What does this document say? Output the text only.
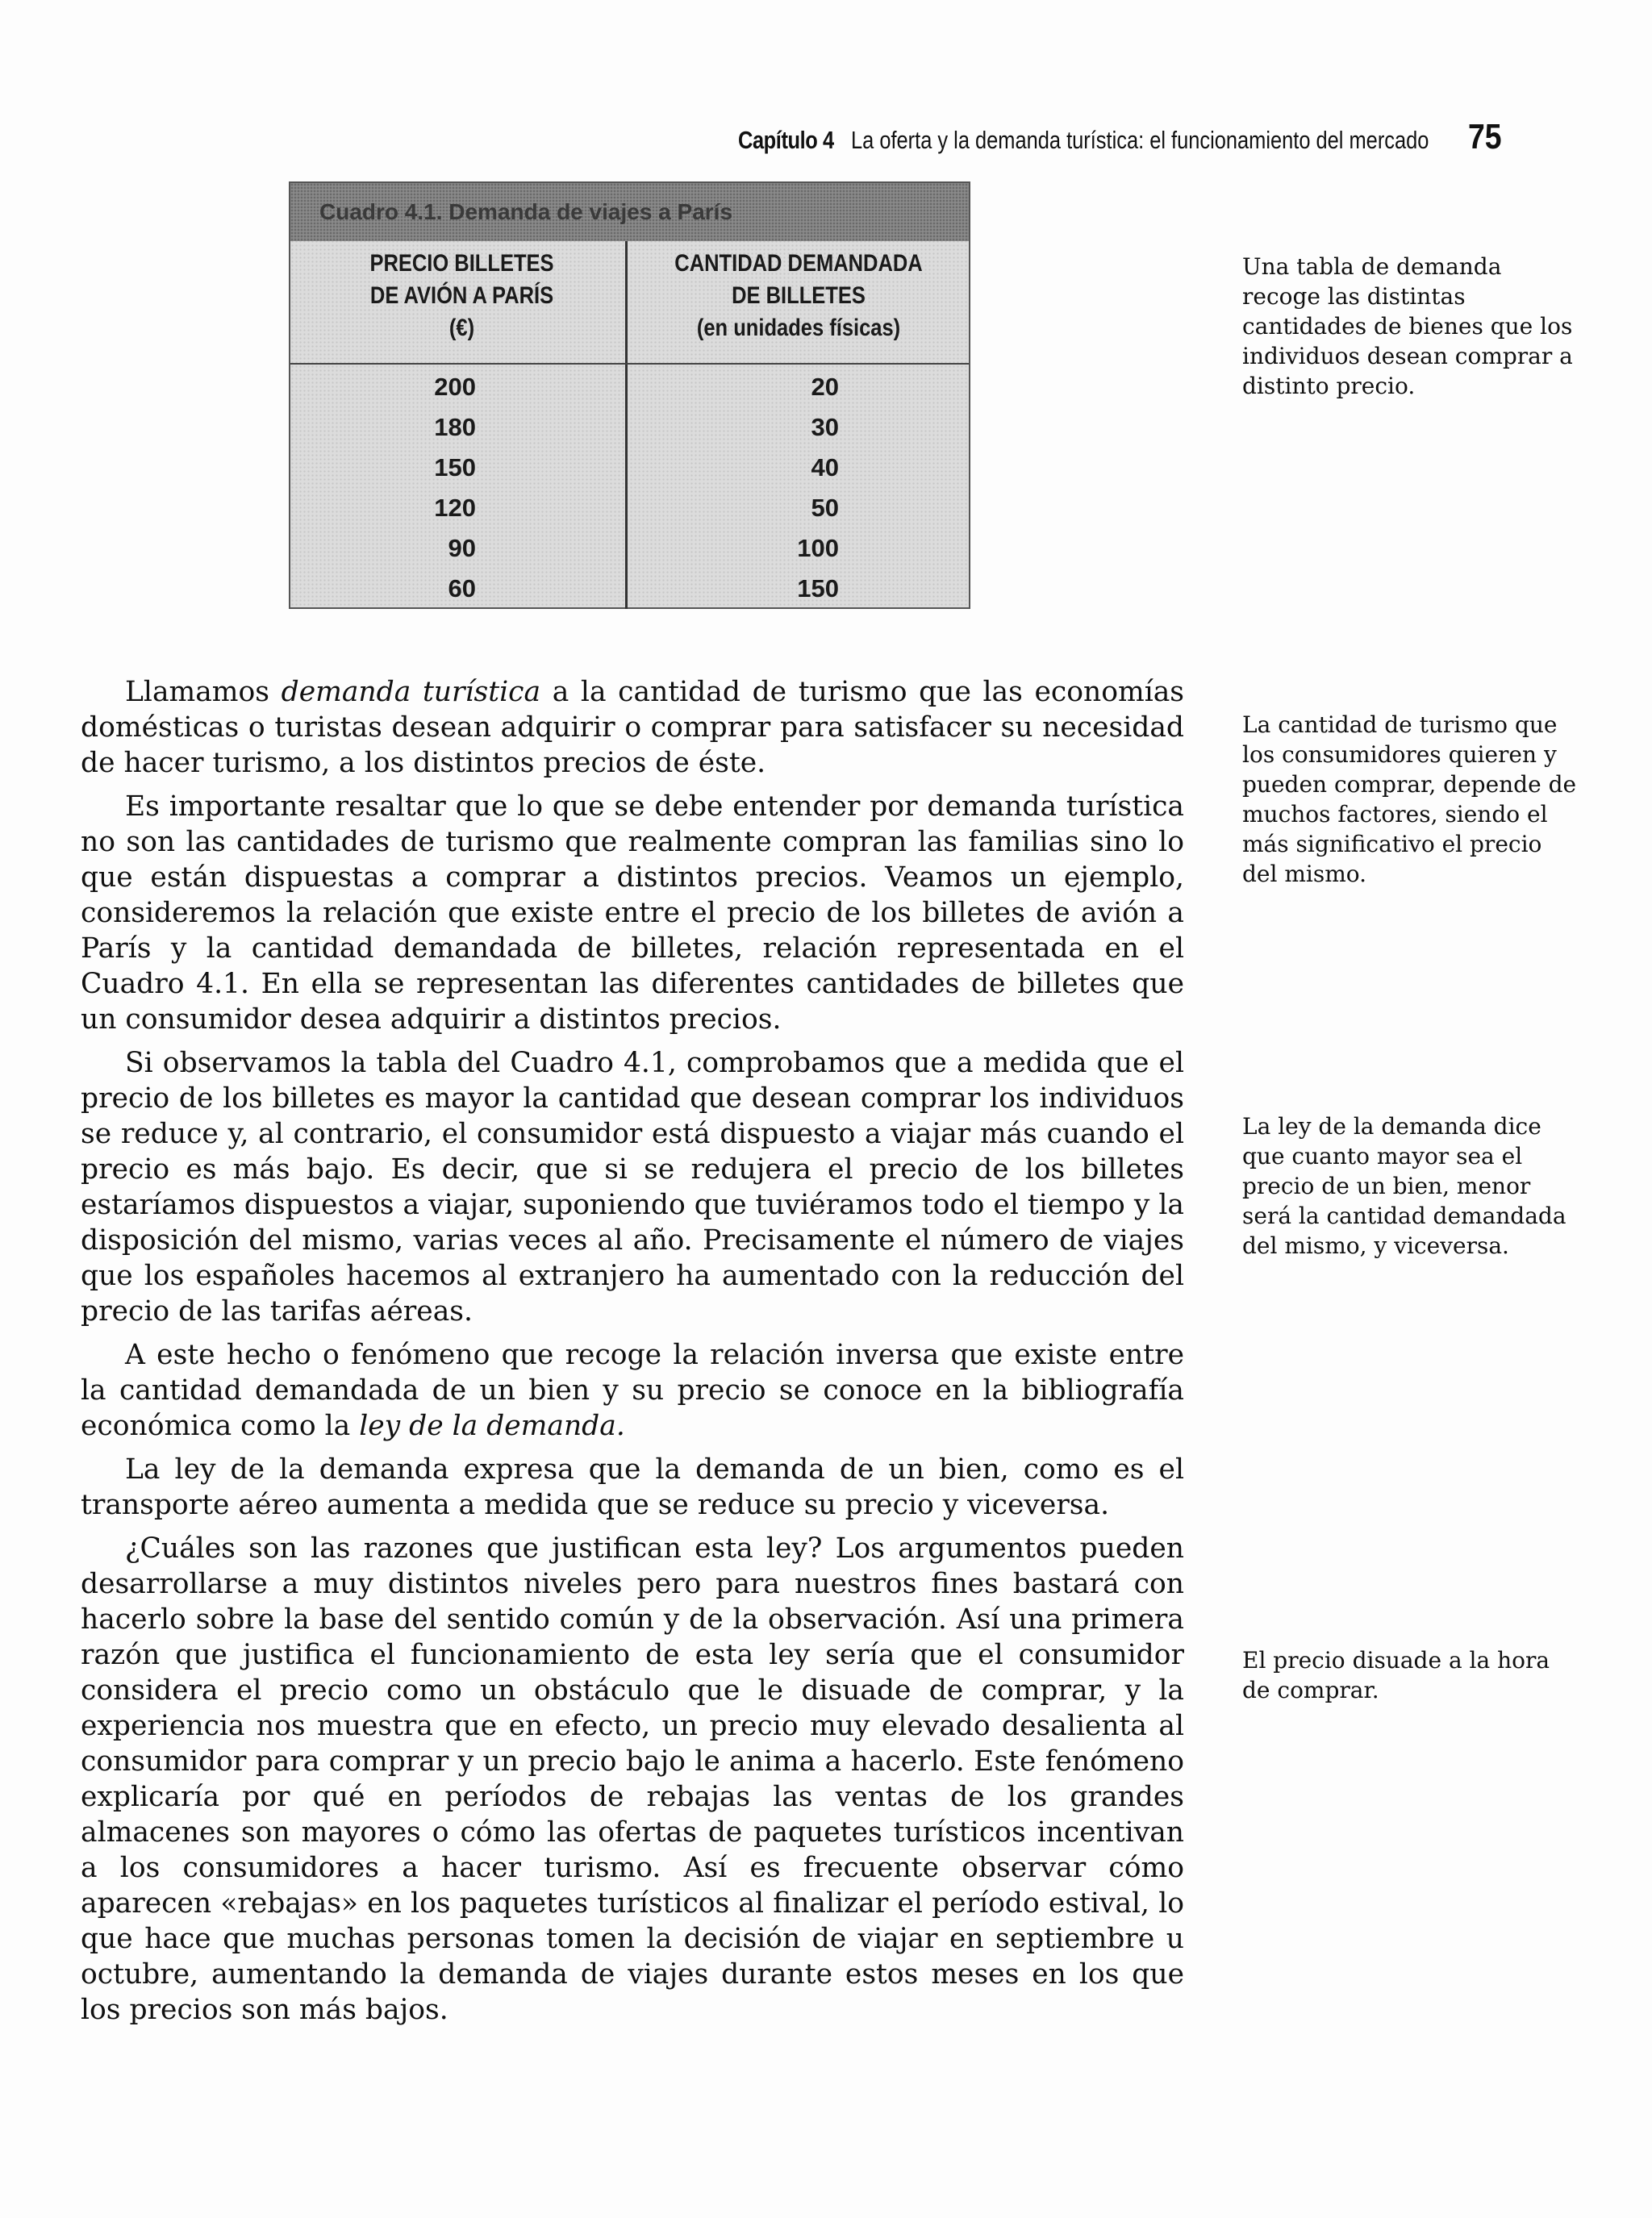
Capítulo 4 La oferta y la demanda turística: el funcionamiento del mercado 75
Cuadro 4.1. Demanda de viajes a París
PRECIO BILLETES
DE AVIÓN A PARÍS
(€)
CANTIDAD DEMANDADA
DE BILLETES
(en unidades físicas)
200
180
150
120
90
60
20
30
40
50
100
150
Una tabla de demanda recoge las distintas cantidades de bienes que los individuos desean comprar a distinto precio.
La cantidad de turismo que los consumidores quieren y pueden comprar, depende de muchos factores, siendo el más significativo el precio del mismo.
La ley de la demanda dice que cuanto mayor sea el precio de un bien, menor será la cantidad demandada del mismo, y viceversa.
El precio disuade a la hora de comprar.

Llamamos demanda turística a la cantidad de turismo que las economías domésticas o turistas desean adquirir o comprar para satisfacer su necesidad de hacer turismo, a los distintos precios de éste.

Es importante resaltar que lo que se debe entender por demanda turística no son las cantidades de turismo que realmente compran las familias sino lo que están dispuestas a comprar a distintos precios. Veamos un ejemplo, consideremos la relación que existe entre el precio de los billetes de avión a París y la cantidad demandada de billetes, relación representada en el Cuadro 4.1. En ella se representan las diferentes cantidades de billetes que un consumidor desea adquirir a distintos precios.

Si observamos la tabla del Cuadro 4.1, comprobamos que a medida que el precio de los billetes es mayor la cantidad que desean comprar los individuos se reduce y, al contrario, el consumidor está dispuesto a viajar más cuando el precio es más bajo. Es decir, que si se redujera el precio de los billetes estaríamos dispuestos a viajar, suponiendo que tuviéramos todo el tiempo y la disposición del mismo, varias veces al año. Precisamente el número de viajes que los españoles hacemos al extranjero ha aumentado con la reducción del precio de las tarifas aéreas.

A este hecho o fenómeno que recoge la relación inversa que existe entre la cantidad demandada de un bien y su precio se conoce en la bibliografía económica como la ley de la demanda.

La ley de la demanda expresa que la demanda de un bien, como es el transporte aéreo aumenta a medida que se reduce su precio y viceversa.

¿Cuáles son las razones que justifican esta ley? Los argumentos pueden desarrollarse a muy distintos niveles pero para nuestros fines bastará con hacerlo sobre la base del sentido común y de la observación. Así una primera razón que justifica el funcionamiento de esta ley sería que el consumidor considera el precio como un obstáculo que le disuade de comprar, y la experiencia nos muestra que en efecto, un precio muy elevado desalienta al consumidor para comprar y un precio bajo le anima a hacerlo. Este fenómeno explicaría por qué en períodos de rebajas las ventas de los grandes almacenes son mayores o cómo las ofertas de paquetes turísticos incentivan a los consumidores a hacer turismo. Así es frecuente observar cómo aparecen «rebajas» en los paquetes turísticos al finalizar el período estival, lo que hace que muchas personas tomen la decisión de viajar en septiembre u octubre, aumentando la demanda de viajes durante estos meses en los que los precios son más bajos.
